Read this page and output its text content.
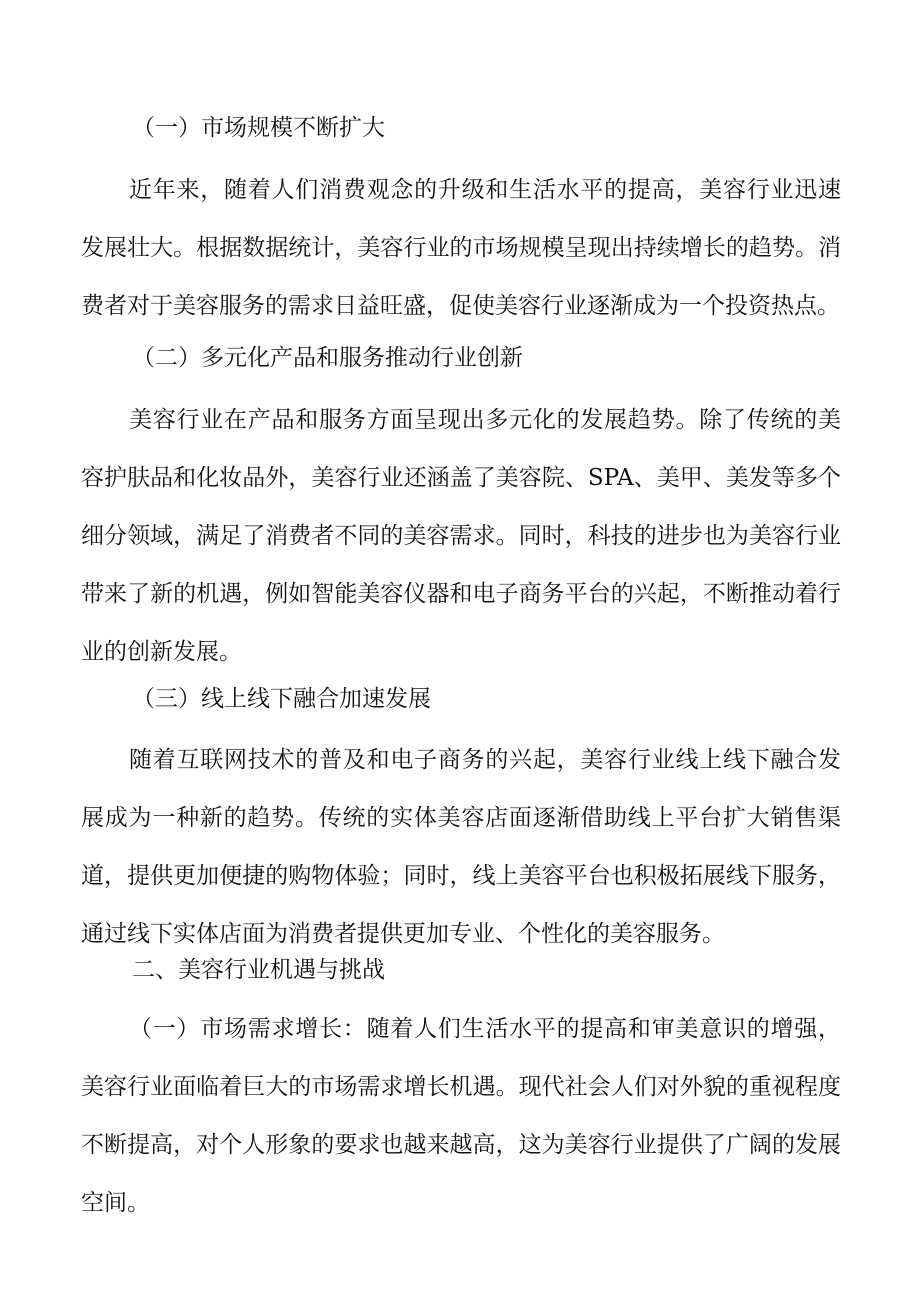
（一）市场规模不断扩大

近年来，随着人们消费观念的升级和生活水平的提高，美容行业迅速发展壮大。根据数据统计，美容行业的市场规模呈现出持续增长的趋势。消费者对于美容服务的需求日益旺盛，促使美容行业逐渐成为一个投资热点。

（二）多元化产品和服务推动行业创新

美容行业在产品和服务方面呈现出多元化的发展趋势。除了传统的美容护肤品和化妆品外，美容行业还涵盖了美容院、SPA、美甲、美发等多个细分领域，满足了消费者不同的美容需求。同时，科技的进步也为美容行业带来了新的机遇，例如智能美容仪器和电子商务平台的兴起，不断推动着行业的创新发展。

（三）线上线下融合加速发展

随着互联网技术的普及和电子商务的兴起，美容行业线上线下融合发展成为一种新的趋势。传统的实体美容店面逐渐借助线上平台扩大销售渠道，提供更加便捷的购物体验；同时，线上美容平台也积极拓展线下服务，通过线下实体店面为消费者提供更加专业、个性化的美容服务。

二、美容行业机遇与挑战

（一）市场需求增长：随着人们生活水平的提高和审美意识的增强，美容行业面临着巨大的市场需求增长机遇。现代社会人们对外貌的重视程度不断提高，对个人形象的要求也越来越高，这为美容行业提供了广阔的发展空间。
